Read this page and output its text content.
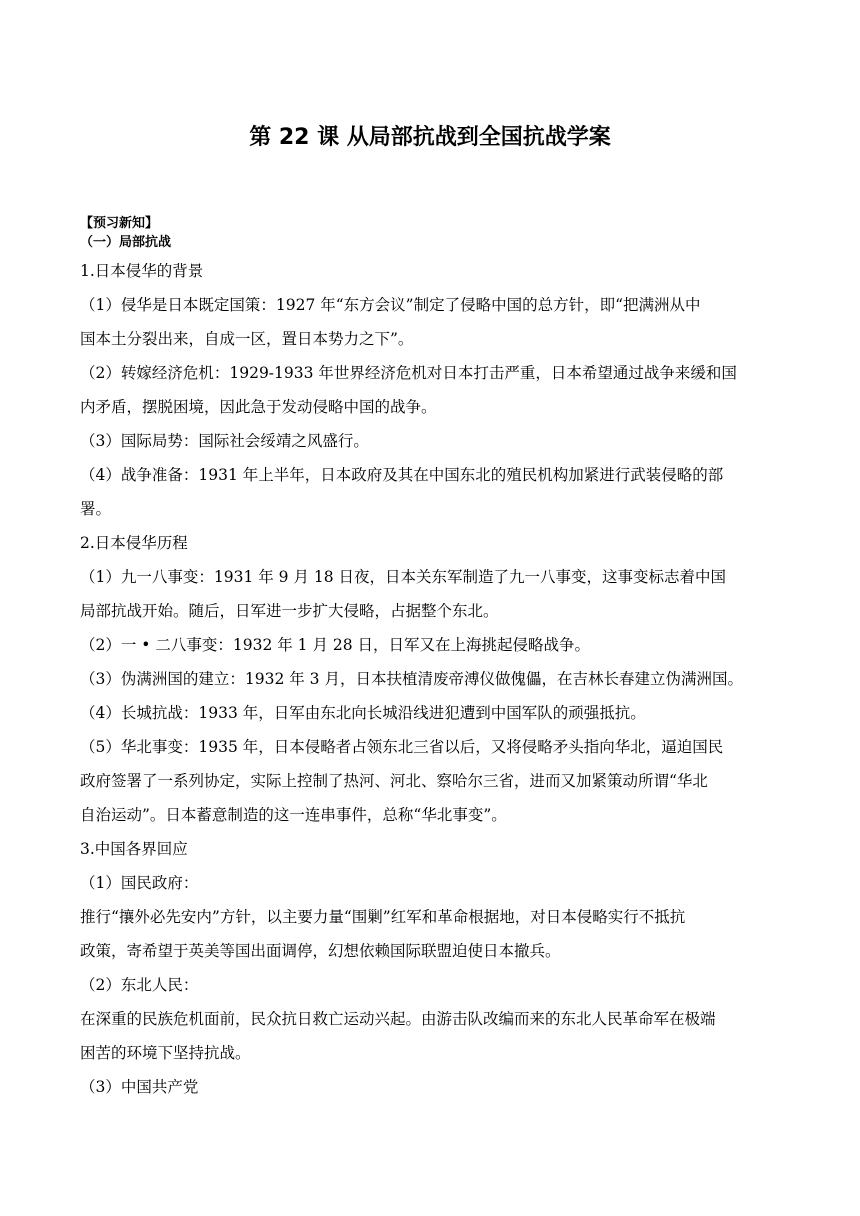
第 22 课 从局部抗战到全国抗战学案
【预习新知】
（一）局部抗战
1.日本侵华的背景
（1）侵华是日本既定国策：1927 年“东方会议”制定了侵略中国的总方针，即“把满洲从中
国本土分裂出来，自成一区，置日本势力之下”。
（2）转嫁经济危机：1929-1933 年世界经济危机对日本打击严重，日本希望通过战争来缓和国
内矛盾，摆脱困境，因此急于发动侵略中国的战争。
（3）国际局势：国际社会绥靖之风盛行。
（4）战争准备：1931 年上半年，日本政府及其在中国东北的殖民机构加紧进行武装侵略的部
署。
2.日本侵华历程
（1）九一八事变：1931 年 9 月 18 日夜，日本关东军制造了九一八事变，这事变标志着中国
局部抗战开始。随后，日军进一步扩大侵略，占据整个东北。
（2）一 • 二八事变：1932 年 1 月 28 日，日军又在上海挑起侵略战争。
（3）伪满洲国的建立：1932 年 3 月，日本扶植清废帝溥仪做傀儡，在吉林长春建立伪满洲国。
（4）长城抗战：1933 年，日军由东北向长城沿线进犯遭到中国军队的顽强抵抗。
（5）华北事变：1935 年，日本侵略者占领东北三省以后，又将侵略矛头指向华北，逼迫国民
政府签署了一系列协定，实际上控制了热河、河北、察哈尔三省，进而又加紧策动所谓“华北
自治运动”。日本蓄意制造的这一连串事件，总称“华北事变”。
3.中国各界回应
（1）国民政府：
推行“攘外必先安内”方针，以主要力量“围剿”红军和革命根据地，对日本侵略实行不抵抗
政策，寄希望于英美等国出面调停，幻想依赖国际联盟迫使日本撤兵。
（2）东北人民：
在深重的民族危机面前，民众抗日救亡运动兴起。由游击队改编而来的东北人民革命军在极端
困苦的环境下坚持抗战。
（3）中国共产党
